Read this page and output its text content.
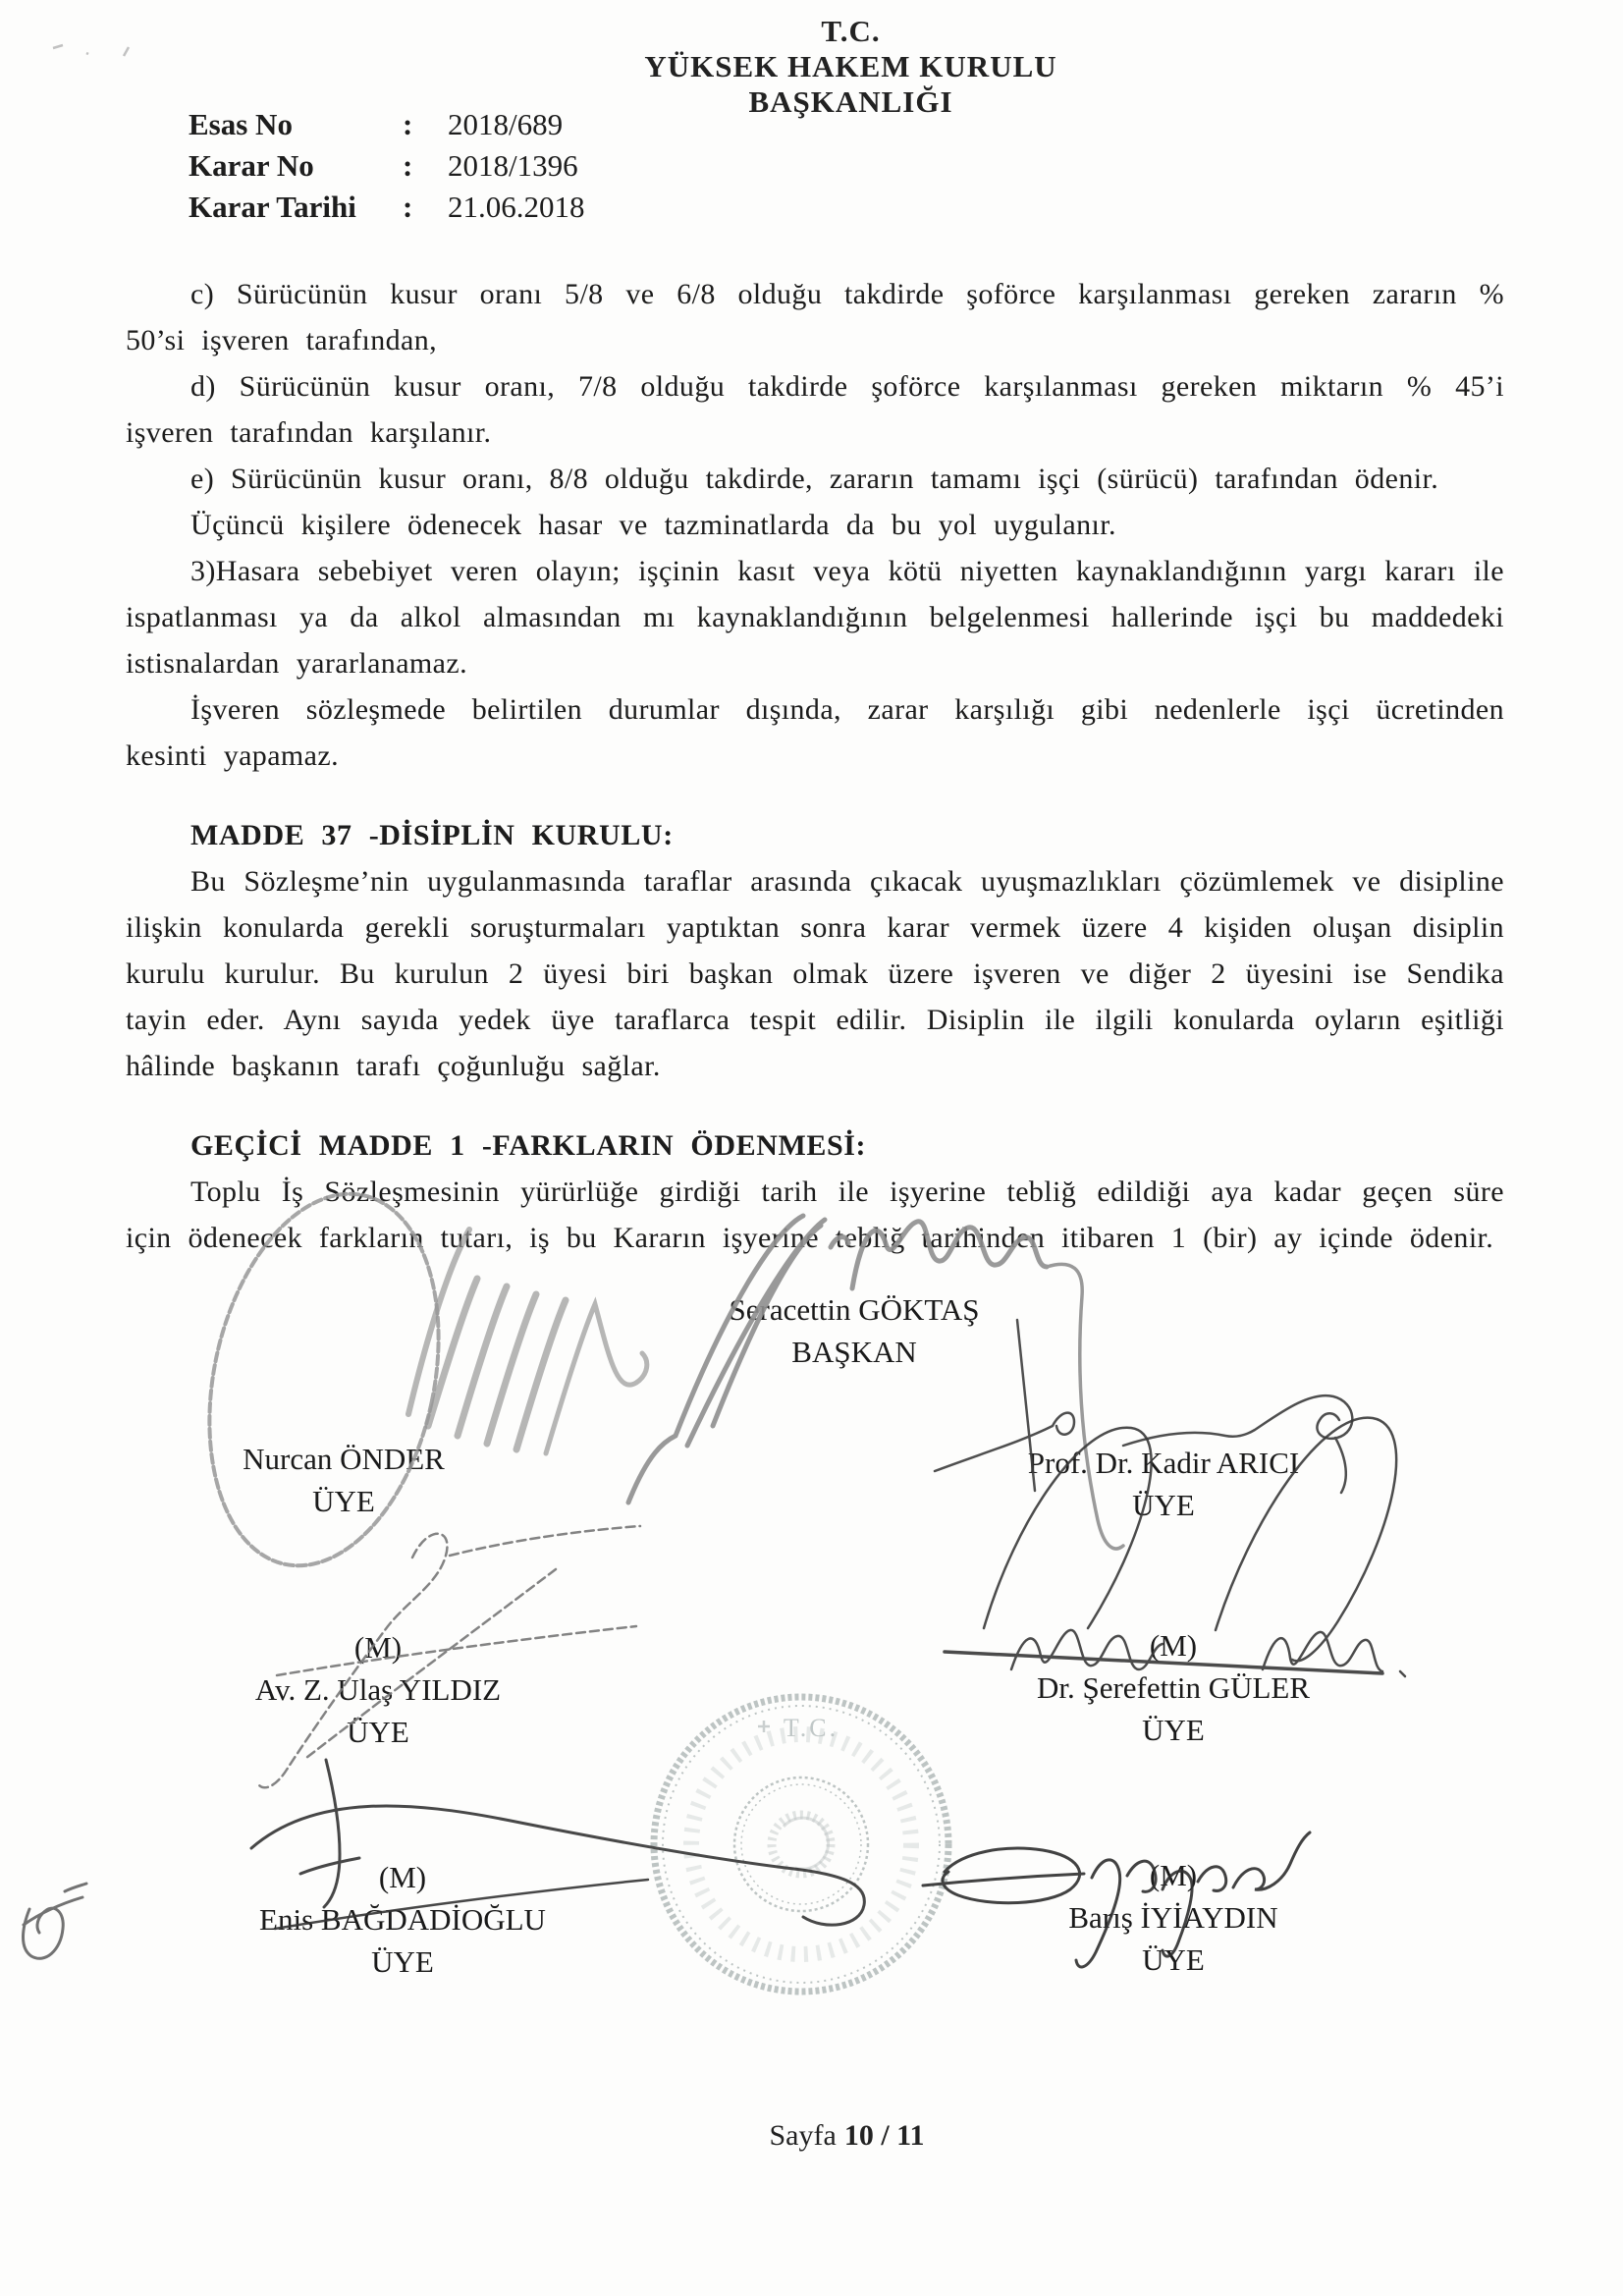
T.C.
YÜKSEK HAKEM KURULU
BAŞKANLIĞI
Esas No	:	2018/689
Karar No	:	2018/1396
Karar Tarihi	:	21.06.2018

c) Sürücünün kusur oranı 5/8 ve 6/8 olduğu takdirde şoförce karşılanması gereken zararın % 50’si işveren tarafından,

d) Sürücünün kusur oranı, 7/8 olduğu takdirde şoförce karşılanması gereken miktarın % 45’i işveren tarafından karşılanır.

e) Sürücünün kusur oranı, 8/8 olduğu takdirde, zararın tamamı işçi (sürücü) tarafından ödenir.

Üçüncü kişilere ödenecek hasar ve tazminatlarda da bu yol uygulanır.

3)Hasara sebebiyet veren olayın; işçinin kasıt veya kötü niyetten kaynaklandığının yargı kararı ile ispatlanması ya da alkol almasından mı kaynaklandığının belgelenmesi hallerinde işçi bu maddedeki istisnalardan yararlanamaz.

İşveren sözleşmede belirtilen durumlar dışında, zarar karşılığı gibi nedenlerle işçi ücretinden kesinti yapamaz.

MADDE 37 -DİSİPLİN KURULU:

Bu Sözleşme’nin uygulanmasında taraflar arasında çıkacak uyuşmazlıkları çözümlemek ve disipline ilişkin konularda gerekli soruşturmaları yaptıktan sonra karar vermek üzere 4 kişiden oluşan disiplin kurulu kurulur. Bu kurulun 2 üyesi biri başkan olmak üzere işveren ve diğer 2 üyesini ise Sendika tayin eder. Aynı sayıda yedek üye taraflarca tespit edilir. Disiplin ile ilgili konularda oyların eşitliği hâlinde başkanın tarafı çoğunluğu sağlar.

GEÇİCİ MADDE 1 -FARKLARIN ÖDENMESİ:

Toplu İş Sözleşmesinin yürürlüğe girdiği tarih ile işyerine tebliğ edildiği aya kadar geçen süre için ödenecek farkların tutarı, iş bu Kararın işyerine tebliğ tarihinden itibaren 1 (bir) ay içinde ödenir.

Seracettin GÖKTAŞ
BAŞKAN
Nurcan ÖNDER
ÜYE
Prof. Dr. Kadir ARICI
ÜYE
(M)
Av. Z. Ulaş YILDIZ
ÜYE
(M)
Dr. Şerefettin GÜLER
ÜYE
(M)
Enis BAĞDADİOĞLU
ÜYE
(M)
Barış İYİAYDIN
ÜYE
Sayfa 10 / 11
T.C.
